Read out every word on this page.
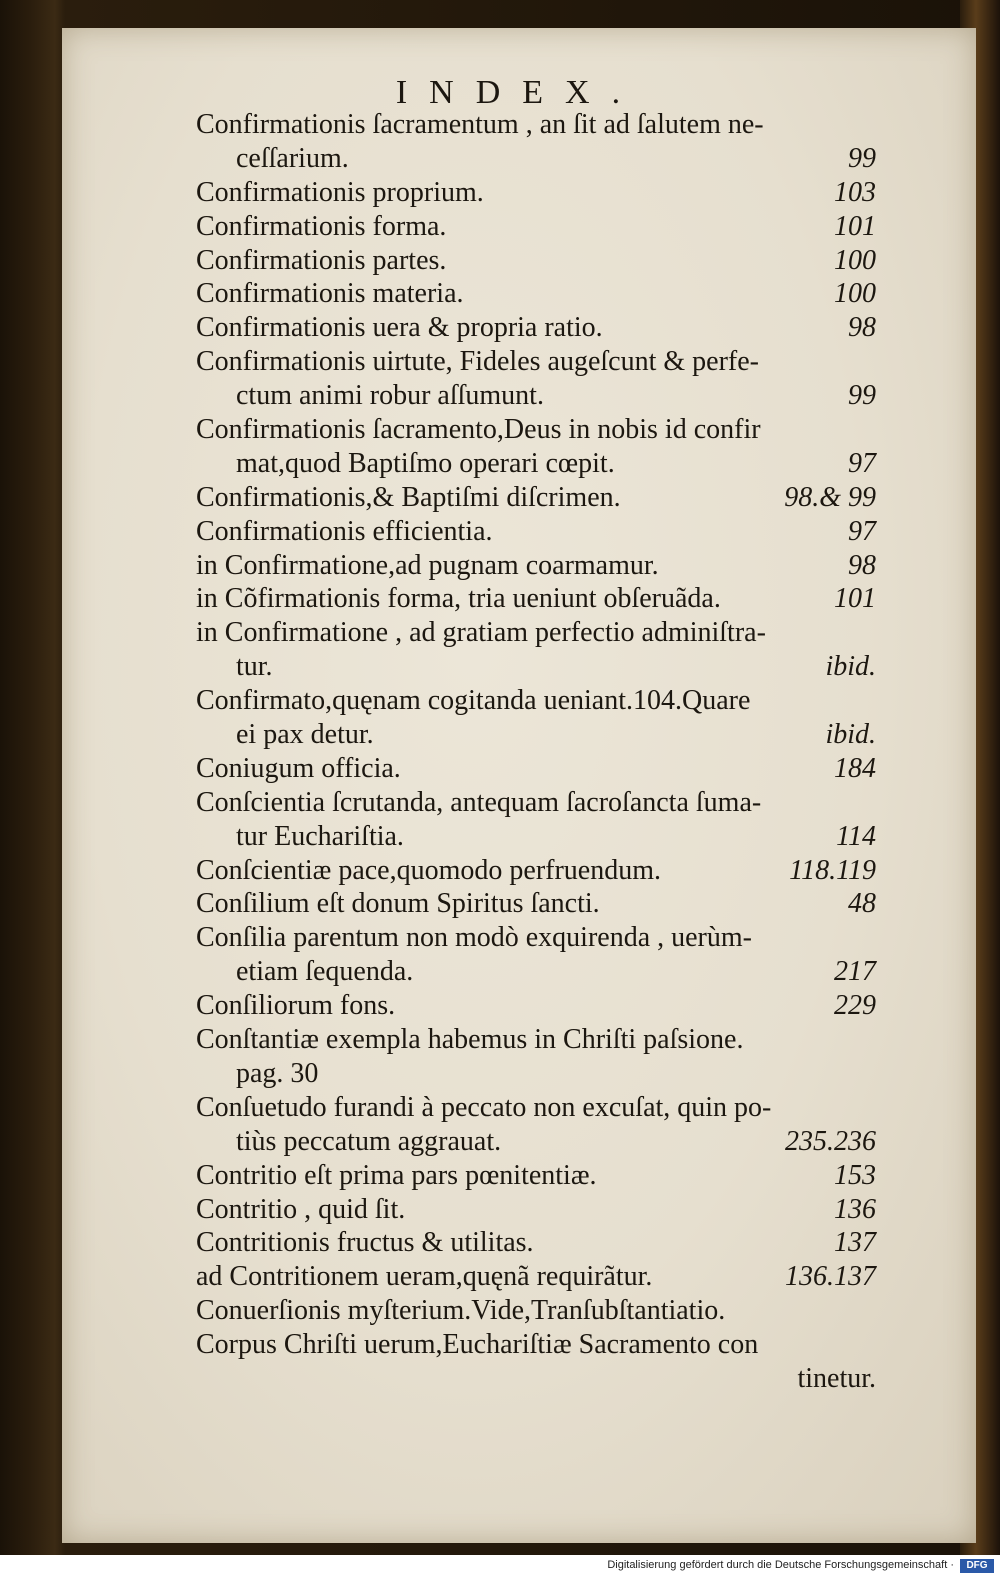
INDEX.
Confirmationis ſacramentum , an ſit ad ſalutem ne-
ceſſarium.	99
Confirmationis proprium.	103
Confirmationis forma.	101
Confirmationis partes.	100
Confirmationis materia.	100
Confirmationis uera & propria ratio.	98
Confirmationis uirtute, Fideles augeſcunt & perfe-
ctum animi robur aſſumunt.	99
Confirmationis ſacramento,Deus in nobis id confir
mat,quod Baptiſmo operari cœpit.	97
Confirmationis,& Baptiſmi diſcrimen.	98.& 99
Confirmationis efficientia.	97
in Confirmatione,ad pugnam coarmamur.	98
in Cõfirmationis forma, tria ueniunt obſeruãda.	101
in Confirmatione , ad gratiam perfectio adminiſtra-
tur.	ibid.
Confirmato,quęnam cogitanda ueniant.104.Quare
ei pax detur.	ibid.
Coniugum officia.	184
Conſcientia ſcrutanda, antequam ſacroſancta ſuma-
tur Euchariſtia.	114
Conſcientiæ pace,quomodo perfruendum.	118.119
Conſilium eſt donum Spiritus ſancti.	48
Conſilia parentum non modò exquirenda , uerùm-
etiam ſequenda.	217
Conſiliorum fons.	229
Conſtantiæ exempla habemus in Chriſti paſsione.
pag. 30
Conſuetudo furandi à peccato non excuſat, quin po-
tiùs peccatum aggrauat.	235.236
Contritio eſt prima pars pœnitentiæ.	153
Contritio , quid ſit.	136
Contritionis fructus & utilitas.	137
ad Contritionem ueram,quęnã requirãtur.	136.137
Conuerſionis myſterium.Vide,Tranſubſtantiatio.
Corpus Chriſti uerum,Euchariſtiæ Sacramento con
tinetur.
Digitalisierung gefördert durch die Deutsche Forschungsgemeinschaft ·	DFG
